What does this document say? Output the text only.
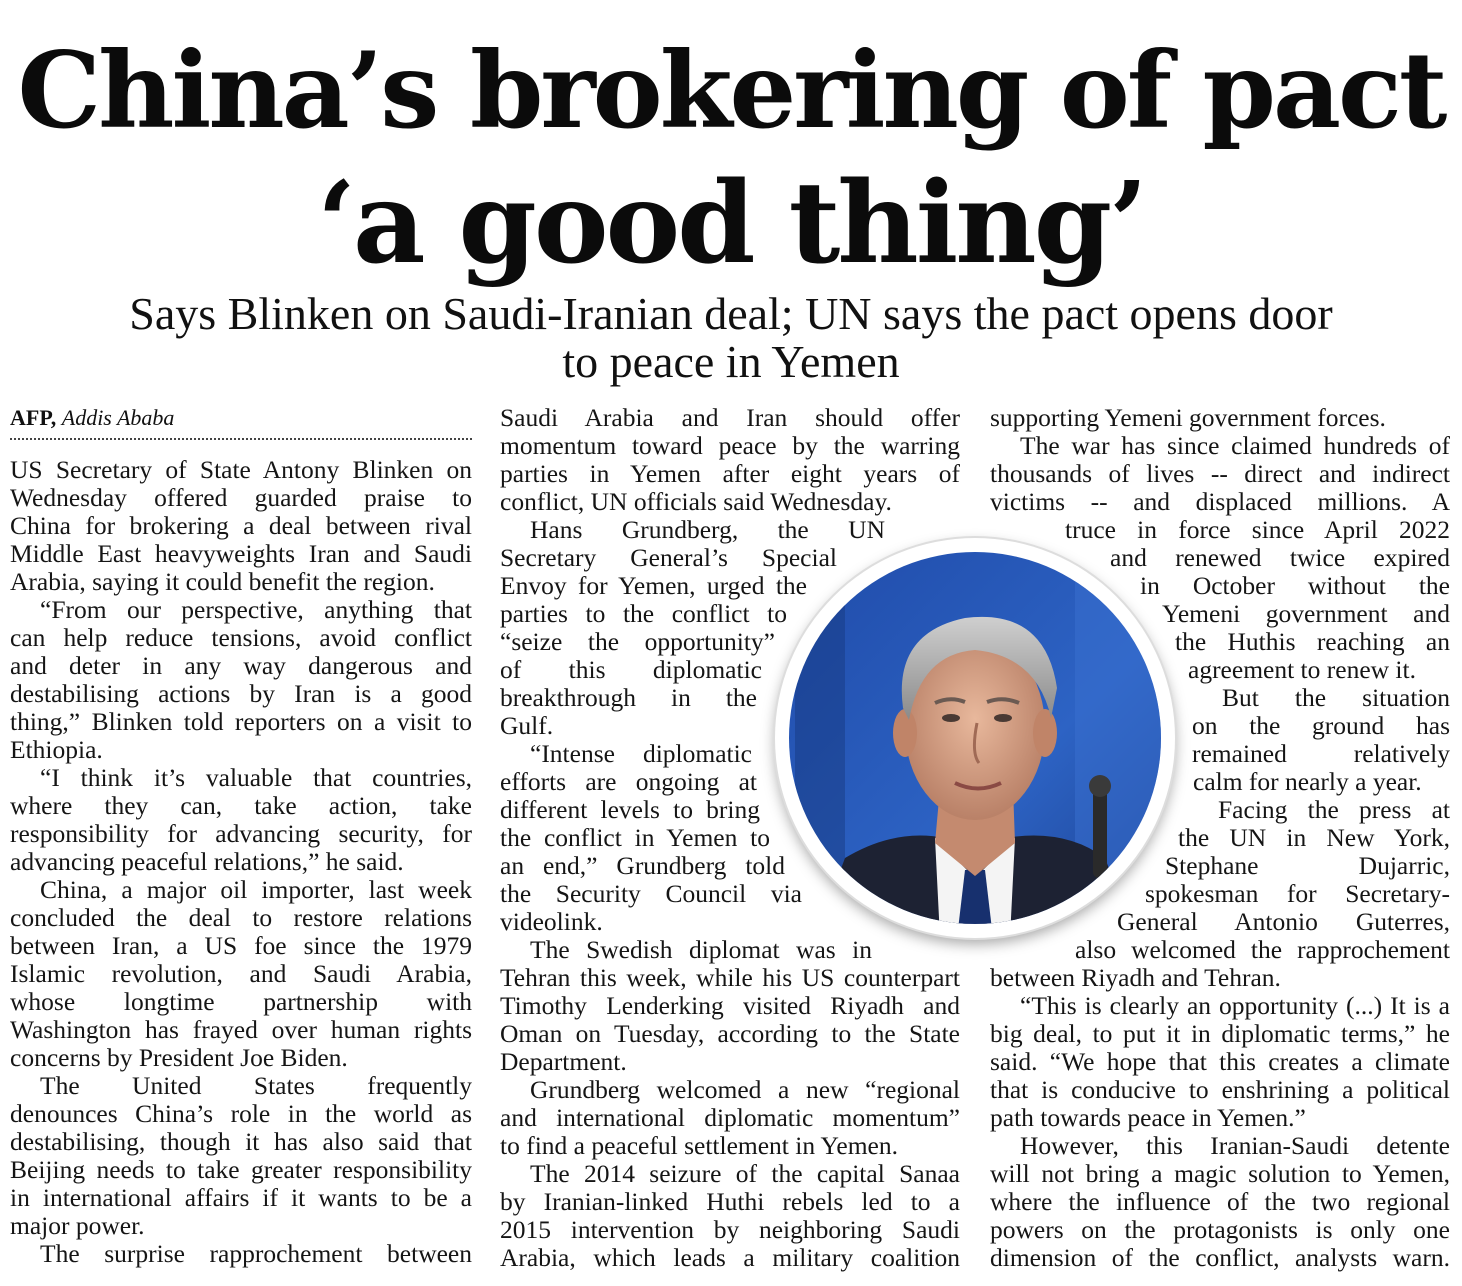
China’s brokering of pact
‘a good thing’
Says Blinken on Saudi-Iranian deal; UN says the pact opens door
to peace in Yemen
AFP, Addis Ababa
US Secretary of State Antony Blinken on
Wednesday offered guarded praise to
China for brokering a deal between rival
Middle East heavyweights Iran and Saudi
Arabia, saying it could benefit the region.
“From our perspective, anything that
can help reduce tensions, avoid conflict
and deter in any way dangerous and
destabilising actions by Iran is a good
thing,” Blinken told reporters on a visit to
Ethiopia.
“I think it’s valuable that countries,
where they can, take action, take
responsibility for advancing security, for
advancing peaceful relations,” he said.
China, a major oil importer, last week
concluded the deal to restore relations
between Iran, a US foe since the 1979
Islamic revolution, and Saudi Arabia,
whose longtime partnership with
Washington has frayed over human rights
concerns by President Joe Biden.
The United States frequently
denounces China’s role in the world as
destabilising, though it has also said that
Beijing needs to take greater responsibility
in international affairs if it wants to be a
major power.
The surprise rapprochement between
Saudi Arabia and Iran should offer
momentum toward peace by the warring
parties in Yemen after eight years of
conflict, UN officials said Wednesday.
Hans Grundberg, the UN
Secretary General’s Special
Envoy for Yemen, urged the
parties to the conflict to
“seize the opportunity”
of this diplomatic
breakthrough in the
Gulf.
“Intense diplomatic
efforts are ongoing at
different levels to bring
the conflict in Yemen to
an end,” Grundberg told
the Security Council via
videolink.
The Swedish diplomat was in
Tehran this week, while his US counterpart
Timothy Lenderking visited Riyadh and
Oman on Tuesday, according to the State
Department.
Grundberg welcomed a new “regional
and international diplomatic momentum”
to find a peaceful settlement in Yemen.
The 2014 seizure of the capital Sanaa
by Iranian-linked Huthi rebels led to a
2015 intervention by neighboring Saudi
Arabia, which leads a military coalition
supporting Yemeni government forces.
The war has since claimed hundreds of
thousands of lives -- direct and indirect
victims -- and displaced millions. A
truce in force since April 2022
and renewed twice expired
in October without the
Yemeni government and
the Huthis reaching an
agreement to renew it.
But the situation
on the ground has
remained relatively
calm for nearly a year.
Facing the press at
the UN in New York,
Stephane Dujarric,
spokesman for Secretary-
General Antonio Guterres,
also welcomed the rapprochement
between Riyadh and Tehran.
“This is clearly an opportunity (...) It is a
big deal, to put it in diplomatic terms,” he
said. “We hope that this creates a climate
that is conducive to enshrining a political
path towards peace in Yemen.”
However, this Iranian-Saudi detente
will not bring a magic solution to Yemen,
where the influence of the two regional
powers on the protagonists is only one
dimension of the conflict, analysts warn.
